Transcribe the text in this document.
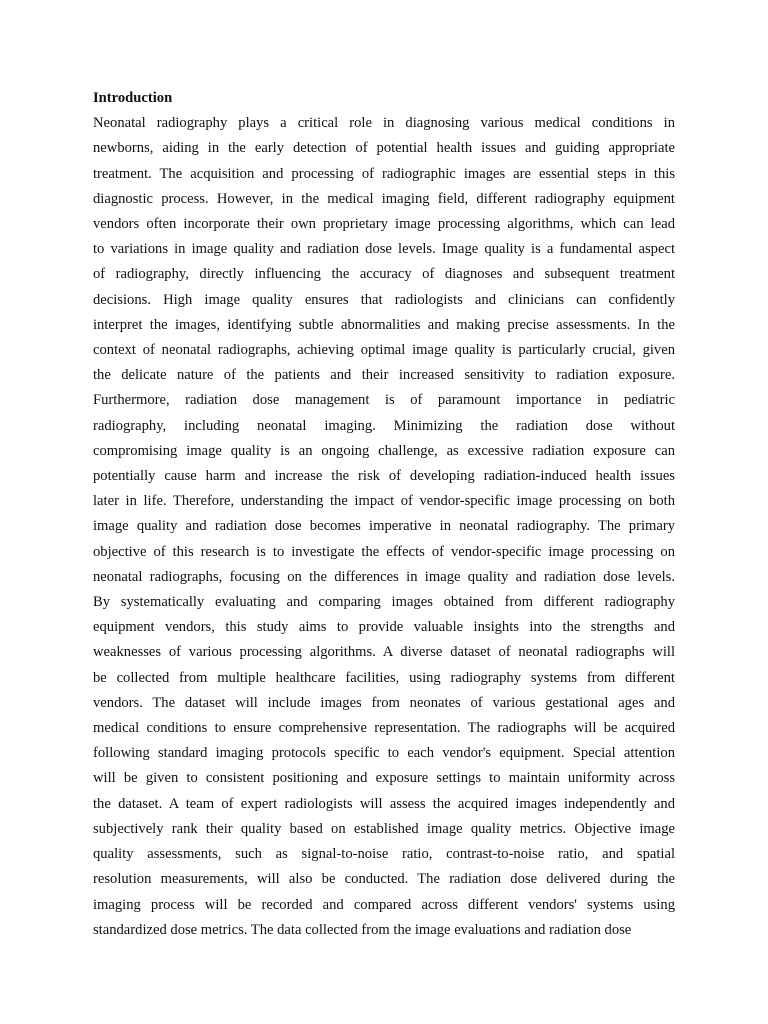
Introduction
Neonatal radiography plays a critical role in diagnosing various medical conditions in
newborns, aiding in the early detection of potential health issues and guiding appropriate
treatment. The acquisition and processing of radiographic images are essential steps in this
diagnostic process. However, in the medical imaging field, different radiography equipment
vendors often incorporate their own proprietary image processing algorithms, which can lead
to variations in image quality and radiation dose levels. Image quality is a fundamental aspect
of radiography, directly influencing the accuracy of diagnoses and subsequent treatment
decisions. High image quality ensures that radiologists and clinicians can confidently
interpret the images, identifying subtle abnormalities and making precise assessments. In the
context of neonatal radiographs, achieving optimal image quality is particularly crucial, given
the delicate nature of the patients and their increased sensitivity to radiation exposure.
Furthermore, radiation dose management is of paramount importance in pediatric
radiography, including neonatal imaging. Minimizing the radiation dose without
compromising image quality is an ongoing challenge, as excessive radiation exposure can
potentially cause harm and increase the risk of developing radiation-induced health issues
later in life. Therefore, understanding the impact of vendor-specific image processing on both
image quality and radiation dose becomes imperative in neonatal radiography. The primary
objective of this research is to investigate the effects of vendor-specific image processing on
neonatal radiographs, focusing on the differences in image quality and radiation dose levels.
By systematically evaluating and comparing images obtained from different radiography
equipment vendors, this study aims to provide valuable insights into the strengths and
weaknesses of various processing algorithms. A diverse dataset of neonatal radiographs will
be collected from multiple healthcare facilities, using radiography systems from different
vendors. The dataset will include images from neonates of various gestational ages and
medical conditions to ensure comprehensive representation. The radiographs will be acquired
following standard imaging protocols specific to each vendor's equipment. Special attention
will be given to consistent positioning and exposure settings to maintain uniformity across
the dataset. A team of expert radiologists will assess the acquired images independently and
subjectively rank their quality based on established image quality metrics. Objective image
quality assessments, such as signal-to-noise ratio, contrast-to-noise ratio, and spatial
resolution measurements, will also be conducted. The radiation dose delivered during the
imaging process will be recorded and compared across different vendors' systems using
standardized dose metrics. The data collected from the image evaluations and radiation dose
